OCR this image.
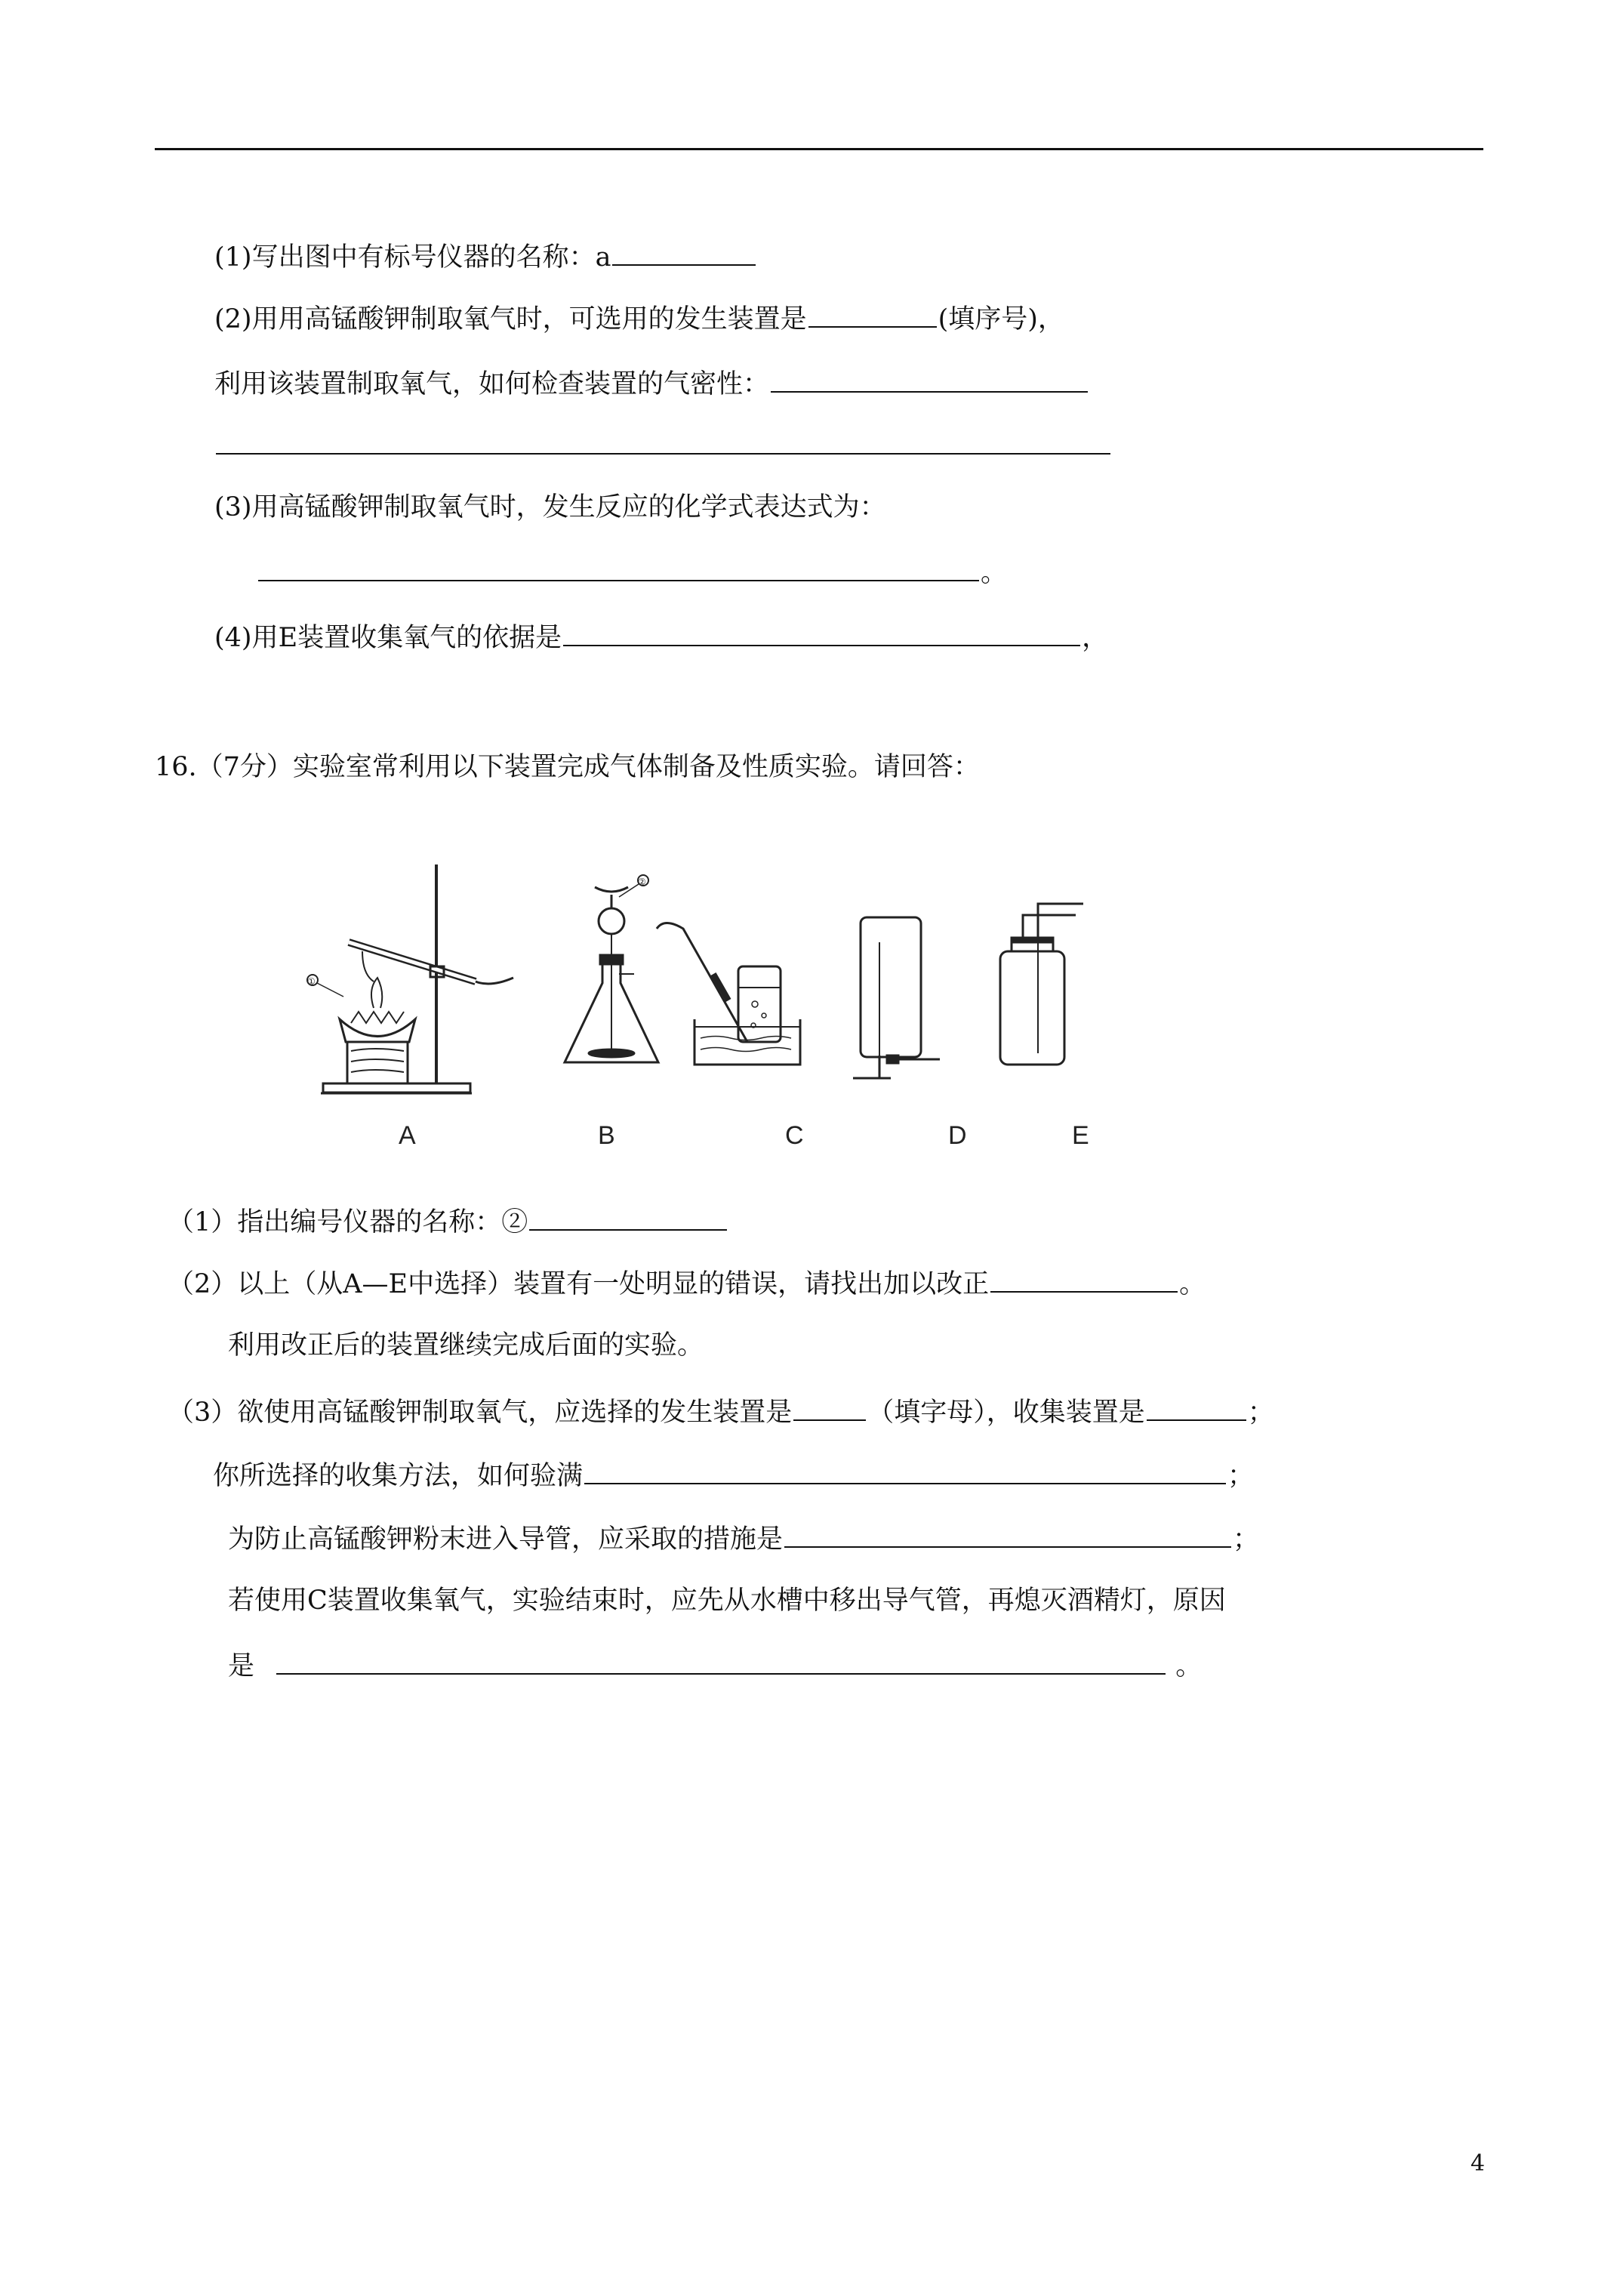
(1)写出图中有标号仪器的名称：a
(2)用用高锰酸钾制取氧气时，可选用的发生装置是	(填序号)，
利用该装置制取氧气，如何检查装置的气密性：
(3)用高锰酸钾制取氧气时，发生反应的化学式表达式为：
。
(4)用E装置收集氧气的依据是	，
16.（7分）实验室常利用以下装置完成气体制备及性质实验。请回答：
①
②
A	B	C	D	E
（1）指出编号仪器的名称：②
（2）以上（从A—E中选择）装置有一处明显的错误，请找出加以改正	。
利用改正后的装置继续完成后面的实验。
（3）欲使用高锰酸钾制取氧气，应选择的发生装置是	（填字母），收集装置是	；
你所选择的收集方法，如何验满	；
为防止高锰酸钾粉末进入导管，应采取的措施是	；
若使用C装置收集氧气，实验结束时，应先从水槽中移出导气管，再熄灭酒精灯，原因
是	。
4
